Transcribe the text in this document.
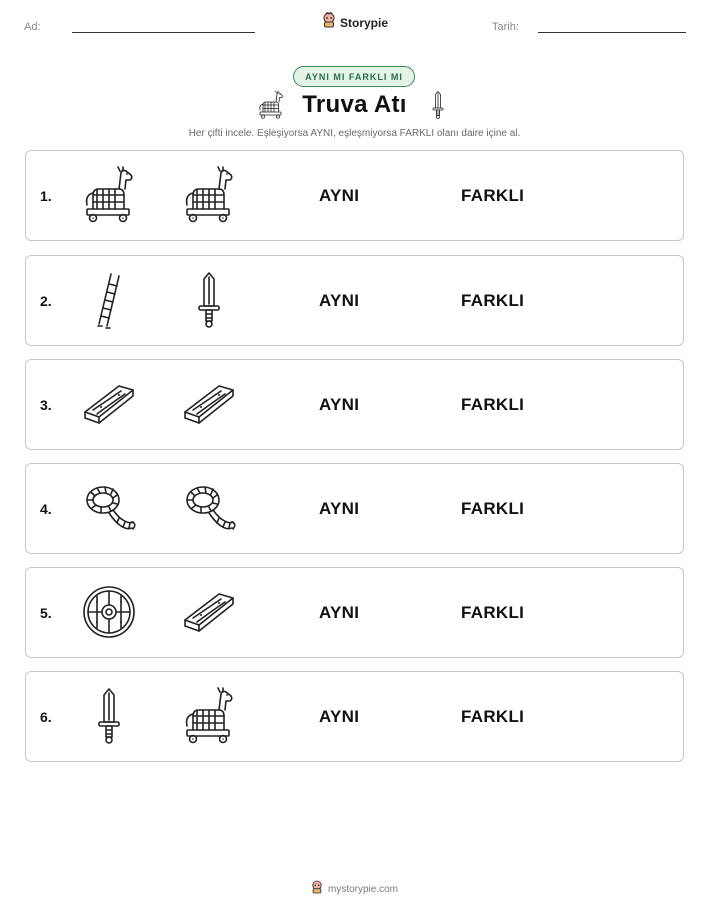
Ad:	Storypie	Tarih:
AYNI MI FARKLI MI
Truva Atı
Her çifti incele. Eşleşiyorsa AYNI, eşleşmiyorsa FARKLI olanı daire içine al.
1.	AYNI	FARKLI
2.	AYNI	FARKLI
3.	AYNI	FARKLI
4.	AYNI	FARKLI
5.	AYNI	FARKLI
6.	AYNI	FARKLI
mystorypie.com
